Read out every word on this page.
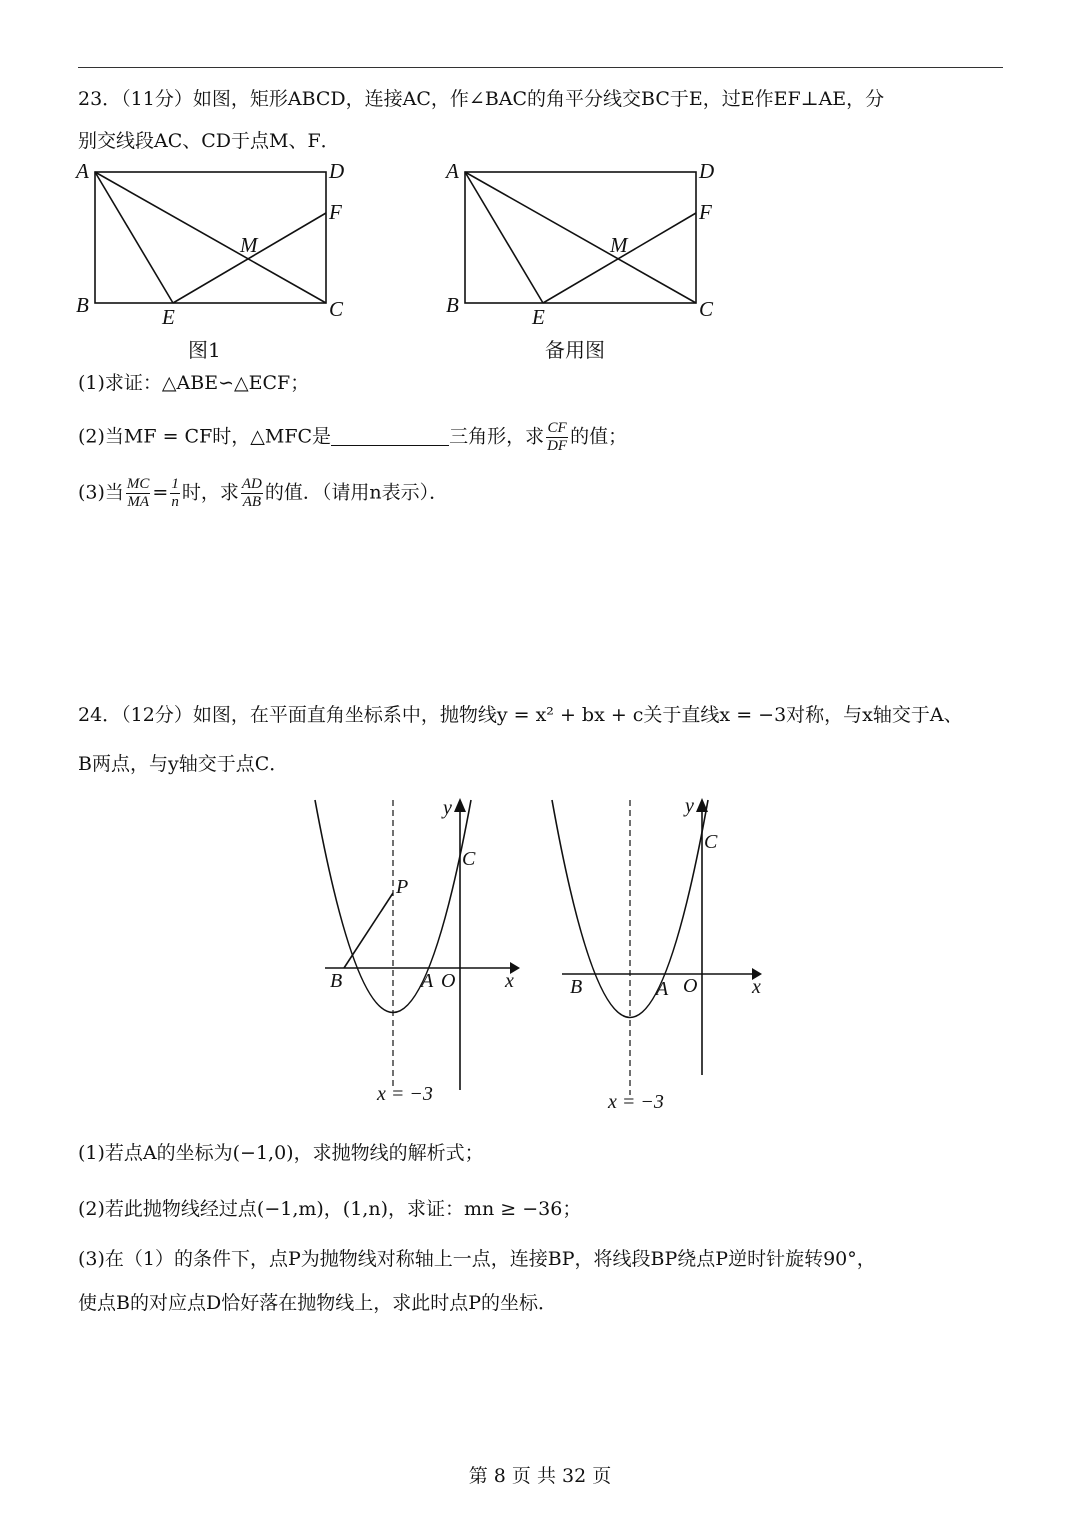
23．（11分）如图，矩形ABCD，连接AC，作∠BAC的角平分线交BC于E，过E作EF⊥AE，分
别交线段AC、CD于点M、F．
A
B	C
D
E
F
M
图1
A
B	C
D
E
F
M
备用图
(1)求证：△ABE∽△ECF；
(2)当MF = CF时，△MFC是	三角形，求 $\frac{CF}{DF}$ 的值；
(3)当 $\frac{MC}{MA} = \frac{1}{n}$ 时，求 $\frac{AD}{AB}$ 的值．（请用n表示）．
24．（12分）如图，在平面直角坐标系中，抛物线y = x² + bx + c关于直线x = −3对称，与x轴交于A、
B两点，与y轴交于点C．
y
x
C
P
B	A O
x = −3
y
x
C
B	A O
x = −3
(1)若点A的坐标为(−1,0)，求抛物线的解析式；
(2)若此抛物线经过点(−1,m)，(1,n)，求证：mn ≥ −36；
(3)在（1）的条件下，点P为抛物线对称轴上一点，连接BP，将线段BP绕点P逆时针旋转90°，
使点B的对应点D恰好落在抛物线上，求此时点P的坐标．
第 8 页 共 32 页
